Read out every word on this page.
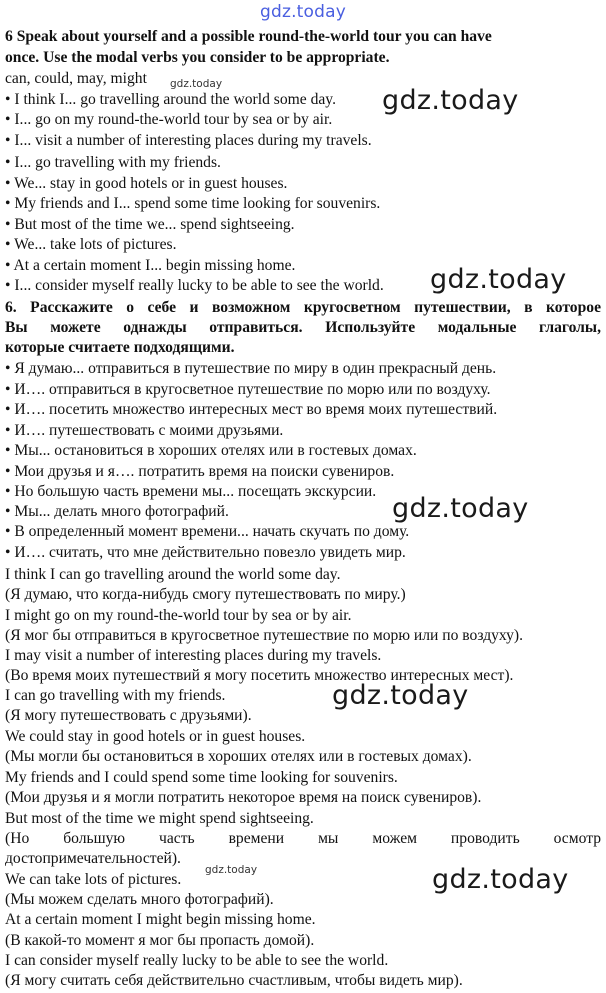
gdz.today
6 Speak about yourself and a possible round-the-world tour you can have
once. Use the modal verbs you consider to be appropriate.
can, could, may, might	gdz.today
• I think I... go travelling around the world some day.
• I... go on my round-the-world tour by sea or by air.
• I... visit a number of interesting places during my travels.
• I... go travelling with my friends.
• We... stay in good hotels or in guest houses.
• My friends and I... spend some time looking for souvenirs.
• But most of the time we... spend sightseeing.
• We... take lots of pictures.
• At a certain moment I... begin missing home.
• I... consider myself really lucky to be able to see the world.
gdz.today
gdz.today
6. Расскажите о себе и возможном кругосветном путешествии, в которое
Вы можете однажды отправиться. Используйте модальные глаголы,
которые считаете подходящими.
• Я думаю... отправиться в путешествие по миру в один прекрасный день.
• И…. отправиться в кругосветное путешествие по морю или по воздуху.
• И…. посетить множество интересных мест во время моих путешествий.
• И…. путешествовать с моими друзьями.
• Мы... остановиться в хороших отелях или в гостевых домах.
• Мои друзья и я…. потратить время на поиски сувениров.
• Но большую часть времени мы... посещать экскурсии.
• Мы... делать много фотографий.
• В определенный момент времени... начать скучать по дому.
• И…. считать, что мне действительно повезло увидеть мир.
gdz.today
I think I can go travelling around the world some day.
(Я думаю, что когда-нибудь смогу путешествовать по миру.)
I might go on my round-the-world tour by sea or by air.
(Я мог бы отправиться в кругосветное путешествие по морю или по воздуху).
I may visit a number of interesting places during my travels.
(Во время моих путешествий я могу посетить множество интересных мест).
I can go travelling with my friends.
(Я могу путешествовать с друзьями).
We could stay in good hotels or in guest houses.
(Мы могли бы остановиться в хороших отелях или в гостевых домах).
My friends and I could spend some time looking for souvenirs.
(Мои друзья и я могли потратить некоторое время на поиск сувениров).
But most of the time we might spend sightseeing.
(Но большую часть времени мы можем проводить осмотр
достопримечательностей).
We can take lots of pictures.
(Мы можем сделать много фотографий).
At a certain moment I might begin missing home.
(В какой-то момент я мог бы пропасть домой).
I can consider myself really lucky to be able to see the world.
(Я могу считать себя действительно счастливым, чтобы видеть мир).
gdz.today
gdz.today	gdz.today
